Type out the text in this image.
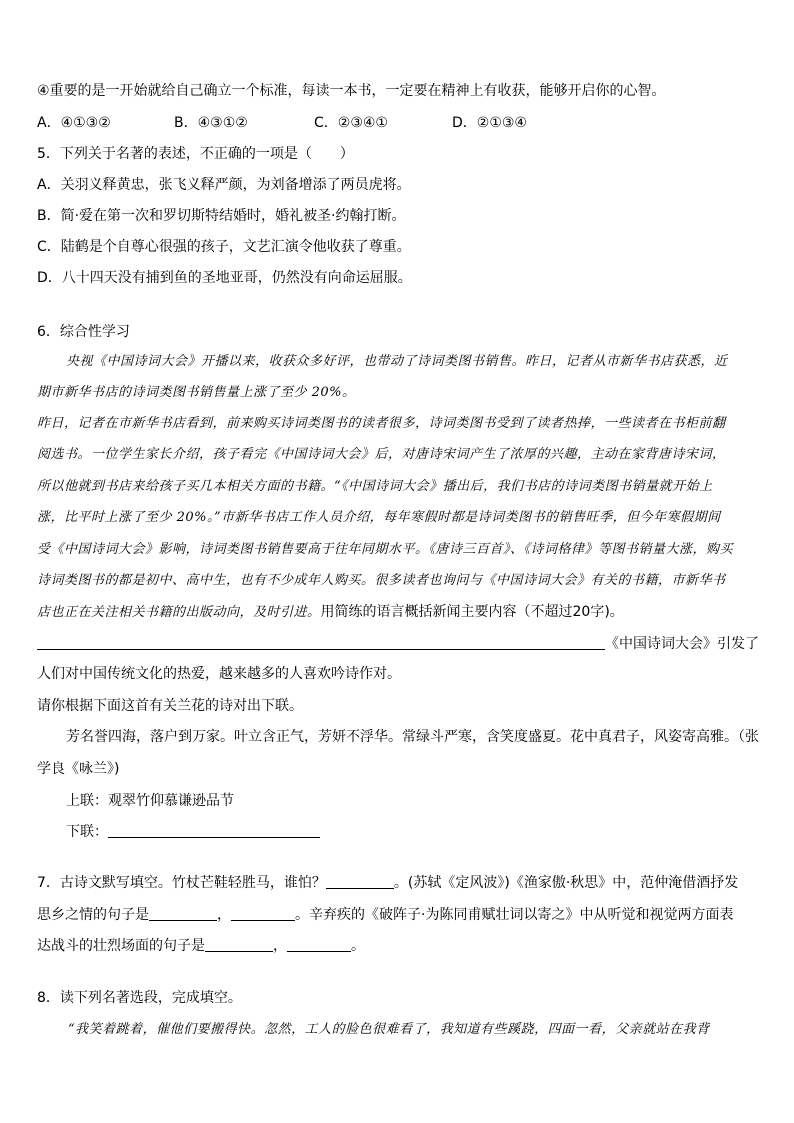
④重要的是一开始就给自己确立一个标准，每读一本书，一定要在精神上有收获，能够开启你的心智。
A．④①③②	B．④③①②	C．②③④①	D．②①③④
5．下列关于名著的表述，不正确的一项是（　　）
A．关羽义释黄忠，张飞义释严颜，为刘备增添了两员虎将。
B．简·爱在第一次和罗切斯特结婚时，婚礼被圣·约翰打断。
C．陆鹤是个自尊心很强的孩子，文艺汇演令他收获了尊重。
D．八十四天没有捕到鱼的圣地亚哥，仍然没有向命运屈服。
6．综合性学习
央视《中国诗词大会》开播以来，收获众多好评，也带动了诗词类图书销售。昨日，记者从市新华书店获悉，近
期市新华书店的诗词类图书销售量上涨了至少 20%。
昨日，记者在市新华书店看到，前来购买诗词类图书的读者很多，诗词类图书受到了读者热捧，一些读者在书柜前翻
阅选书。一位学生家长介绍，孩子看完《中国诗词大会》后，对唐诗宋词产生了浓厚的兴趣，主动在家背唐诗宋词，
所以他就到书店来给孩子买几本相关方面的书籍。“《中国诗词大会》播出后，我们书店的诗词类图书销量就开始上
涨，比平时上涨了至少 20%。”市新华书店工作人员介绍，每年寒假时都是诗词类图书的销售旺季，但今年寒假期间
受《中国诗词大会》影响，诗词类图书销售要高于往年同期水平。《唐诗三百首》、《诗词格律》等图书销量大涨，购买
诗词类图书的都是初中、高中生，也有不少成年人购买。很多读者也询问与《中国诗词大会》有关的书籍，市新华书
店也正在关注相关书籍的出版动向，及时引进。用简练的语言概括新闻主要内容（不超过20字)。
《中国诗词大会》引发了
人们对中国传统文化的热爱，越来越多的人喜欢吟诗作对。
请你根据下面这首有关兰花的诗对出下联。
芳名誉四海，落户到万家。叶立含正气，芳妍不浮华。常绿斗严寒，含笑度盛夏。花中真君子，风姿寄高雅。（张
学良《咏兰》)
上联：观翠竹仰慕谦逊品节
下联：
7．古诗文默写填空。竹杖芒鞋轻胜马，谁怕？	。(苏轼《定风波》)《渔家傲·秋思》中，范仲淹借酒抒发
思乡之情的句子是	，	。辛弃疾的《破阵子·为陈同甫赋壮词以寄之》中从听觉和视觉两方面表
达战斗的壮烈场面的句子是	，	。
8．读下列名著选段，完成填空。
“我笑着跳着，催他们要搬得快。忽然，工人的脸色很难看了，我知道有些蹊跷，四面一看，父亲就站在我背
